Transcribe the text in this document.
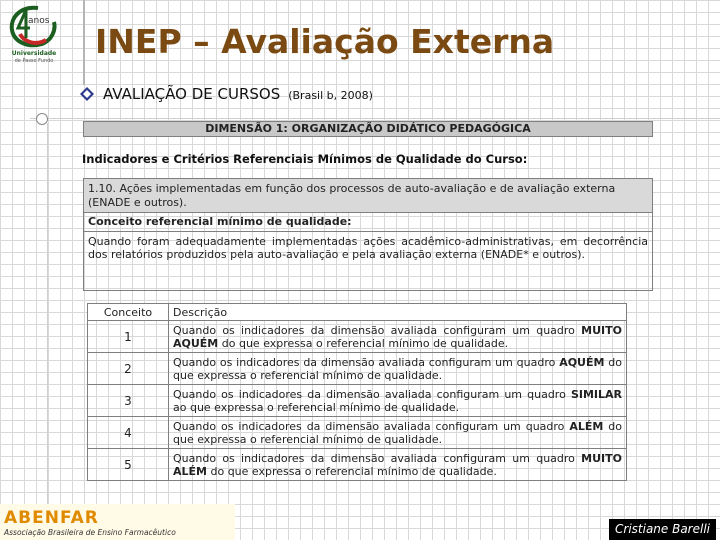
anos
Universidade
de Passo Fundo	INEP – Avaliação Externa
AVALIAÇÃO DE CURSOS (Brasil b, 2008)
DIMENSÃO 1: ORGANIZAÇÃO DIDÁTICO PEDAGÓGICA
Indicadores e Critérios Referenciais Mínimos de Qualidade do Curso:
1.10. Ações implementadas em função dos processos de auto-avaliação e de avaliação externa (ENADE e outros).
Conceito referencial mínimo de qualidade:
Quando foram adequadamente implementadas ações acadêmico-administrativas, em decorrência dos relatórios produzidos pela auto-avaliação e pela avaliação externa (ENADE* e outros).
Conceito	Descrição
1	Quando os indicadores da dimensão avaliada configuram um quadro MUITO AQUÉM do que expressa o referencial mínimo de qualidade.
2	Quando os indicadores da dimensão avaliada configuram um quadro AQUÉM do que expressa o referencial mínimo de qualidade.
3	Quando os indicadores da dimensão avaliada configuram um quadro SIMILAR ao que expressa o referencial mínimo de qualidade.
4	Quando os indicadores da dimensão avaliada configuram um quadro ALÉM do que expressa o referencial mínimo de qualidade.
5	Quando os indicadores da dimensão avaliada configuram um quadro MUITO ALÉM do que expressa o referencial mínimo de qualidade.
ABENFAR
Associação Brasileira de Ensino Farmacêutico	Cristiane Barelli
